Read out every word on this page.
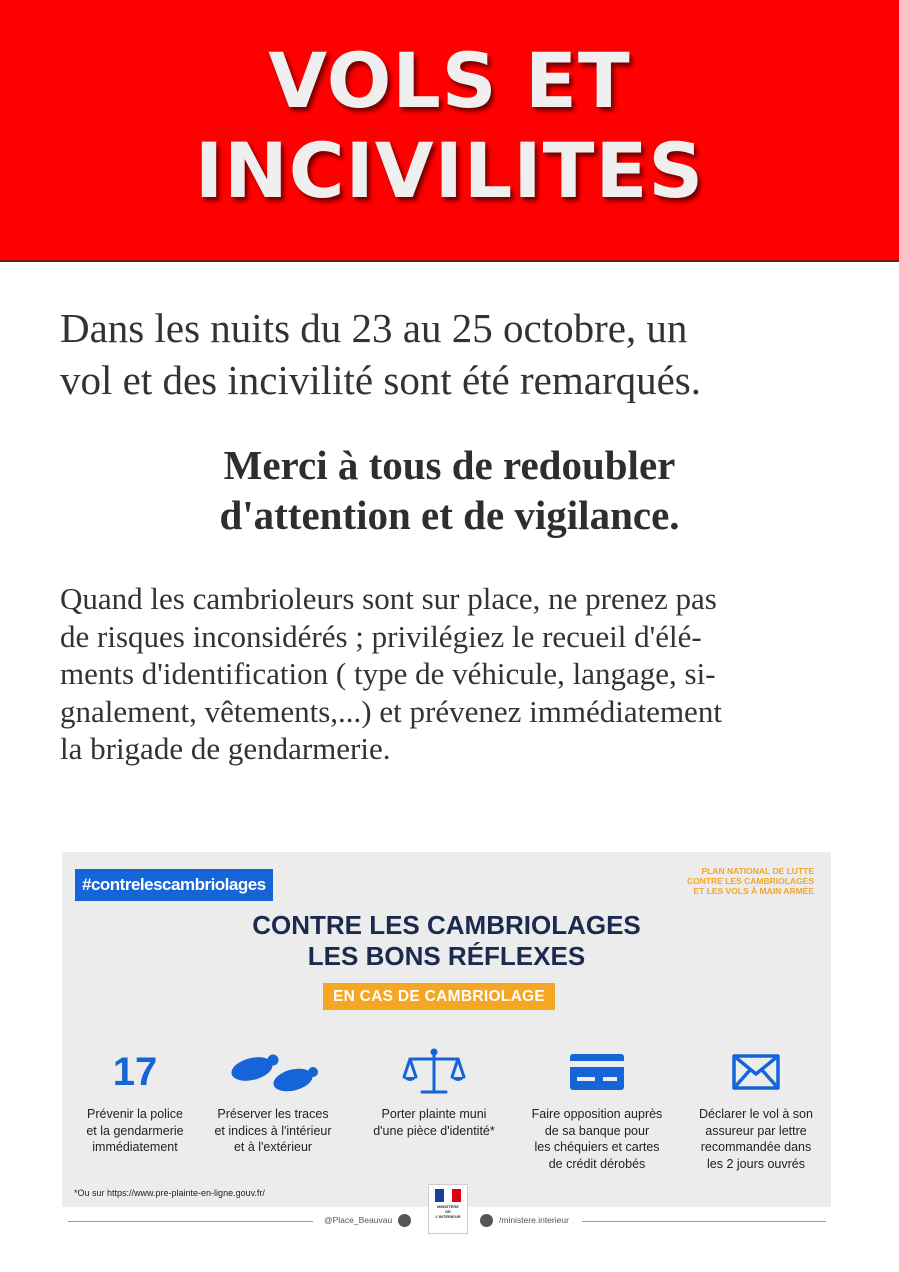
VOLS ET
INCIVILITES
Dans les nuits du 23 au 25 octobre, un
vol et des incivilité sont été remarqués.
Merci à tous de redoubler
d'attention et de vigilance.
Quand les cambrioleurs sont sur place, ne prenez pas
de risques inconsidérés ; privilégiez le recueil d'élé-
ments d'identification ( type de véhicule, langage, si-
gnalement, vêtements,...) et prévenez immédiatement
la brigade de gendarmerie.
#contrelescambriolages
PLAN NATIONAL DE LUTTE
CONTRE LES CAMBRIOLAGES
ET LES VOLS À MAIN ARMÉE
CONTRE LES CAMBRIOLAGES
LES BONS RÉFLEXES
EN CAS DE CAMBRIOLAGE
17
Prévenir la police
et la gendarmerie
immédiatement
Préserver les traces
et indices à l'intérieur
et à l'extérieur
Porter plainte muni
d'une pièce d'identité*
Faire opposition auprès
de sa banque pour
les chéquiers et cartes
de crédit dérobés
Déclarer le vol à son
assureur par lettre
recommandée dans
les 2 jours ouvrés
*Ou sur https://www.pre-plainte-en-ligne.gouv.fr/
@Place_Beauvau
MINISTÈRE
DE
L'INTÉRIEUR	/ministere.interieur
